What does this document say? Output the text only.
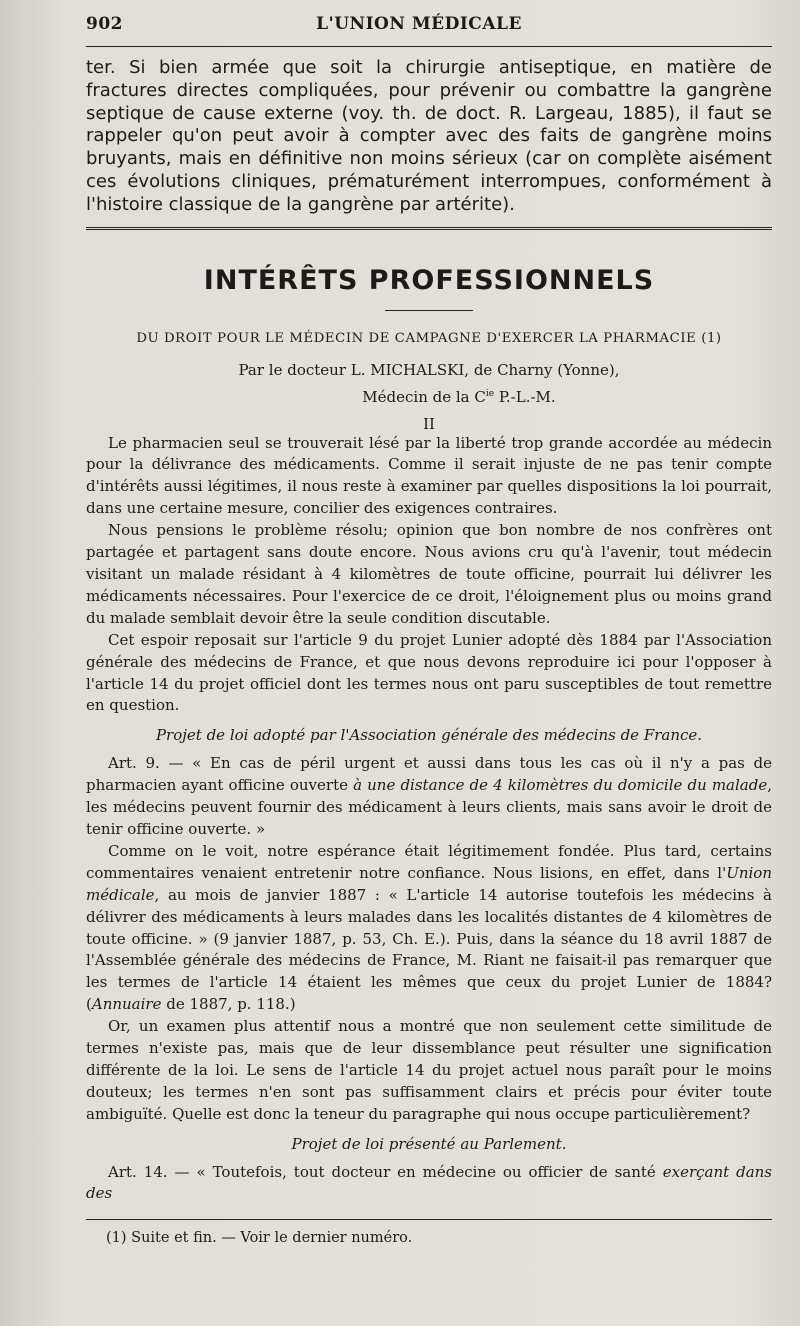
902	L'UNION MÉDICALE

ter. Si bien armée que soit la chirurgie antiseptique, en matière de fractures directes compliquées, pour prévenir ou combattre la gangrène septique de cause externe (voy. th. de doct. R. Largeau, 1885), il faut se rappeler qu'on peut avoir à compter avec des faits de gangrène moins bruyants, mais en définitive non moins sérieux (car on complète aisément ces évolutions cliniques, prématurément interrompues, conformément à l'histoire classique de la gangrène par artérite).

INTÉRÊTS PROFESSIONNELS
DU DROIT POUR LE MÉDECIN DE CAMPAGNE D'EXERCER LA PHARMACIE (1)
Par le docteur L. MICHALSKI, de Charny (Yonne),
Médecin de la $C^{ie}$ P.-L.-M.
II

Le pharmacien seul se trouverait lésé par la liberté trop grande accordée au médecin pour la délivrance des médicaments. Comme il serait injuste de ne pas tenir compte d'intérêts aussi légitimes, il nous reste à examiner par quelles dispositions la loi pourrait, dans une certaine mesure, concilier des exigences contraires.

Nous pensions le problème résolu; opinion que bon nombre de nos confrères ont partagée et partagent sans doute encore. Nous avions cru qu'à l'avenir, tout médecin visitant un malade résidant à 4 kilomètres de toute officine, pourrait lui délivrer les médicaments nécessaires. Pour l'exercice de ce droit, l'éloignement plus ou moins grand du malade semblait devoir être la seule condition discutable.

Cet espoir reposait sur l'article 9 du projet Lunier adopté dès 1884 par l'Association générale des médecins de France, et que nous devons reproduire ici pour l'opposer à l'article 14 du projet officiel dont les termes nous ont paru susceptibles de tout remettre en question.

Projet de loi adopté par l'Association générale des médecins de France.

Art. 9. — « En cas de péril urgent et aussi dans tous les cas où il n'y a pas de pharmacien ayant officine ouverte à une distance de 4 kilomètres du domicile du malade, les médecins peuvent fournir des médicament à leurs clients, mais sans avoir le droit de tenir officine ouverte. »

Comme on le voit, notre espérance était légitimement fondée. Plus tard, certains commentaires venaient entretenir notre confiance. Nous lisions, en effet, dans l'Union médicale, au mois de janvier 1887 : « L'article 14 autorise toutefois les médecins à délivrer des médicaments à leurs malades dans les localités distantes de 4 kilomètres de toute officine. » (9 janvier 1887, p. 53, Ch. E.). Puis, dans la séance du 18 avril 1887 de l'Assemblée générale des médecins de France, M. Riant ne faisait-il pas remarquer que les termes de l'article 14 étaient les mêmes que ceux du projet Lunier de 1884? (Annuaire de 1887, p. 118.)

Or, un examen plus attentif nous a montré que non seulement cette similitude de termes n'existe pas, mais que de leur dissemblance peut résulter une signification différente de la loi. Le sens de l'article 14 du projet actuel nous paraît pour le moins douteux; les termes n'en sont pas suffisamment clairs et précis pour éviter toute ambiguïté. Quelle est donc la teneur du paragraphe qui nous occupe particulièrement?

Projet de loi présenté au Parlement.

Art. 14. — « Toutefois, tout docteur en médecine ou officier de santé exerçant dans des

(1) Suite et fin. — Voir le dernier numéro.
